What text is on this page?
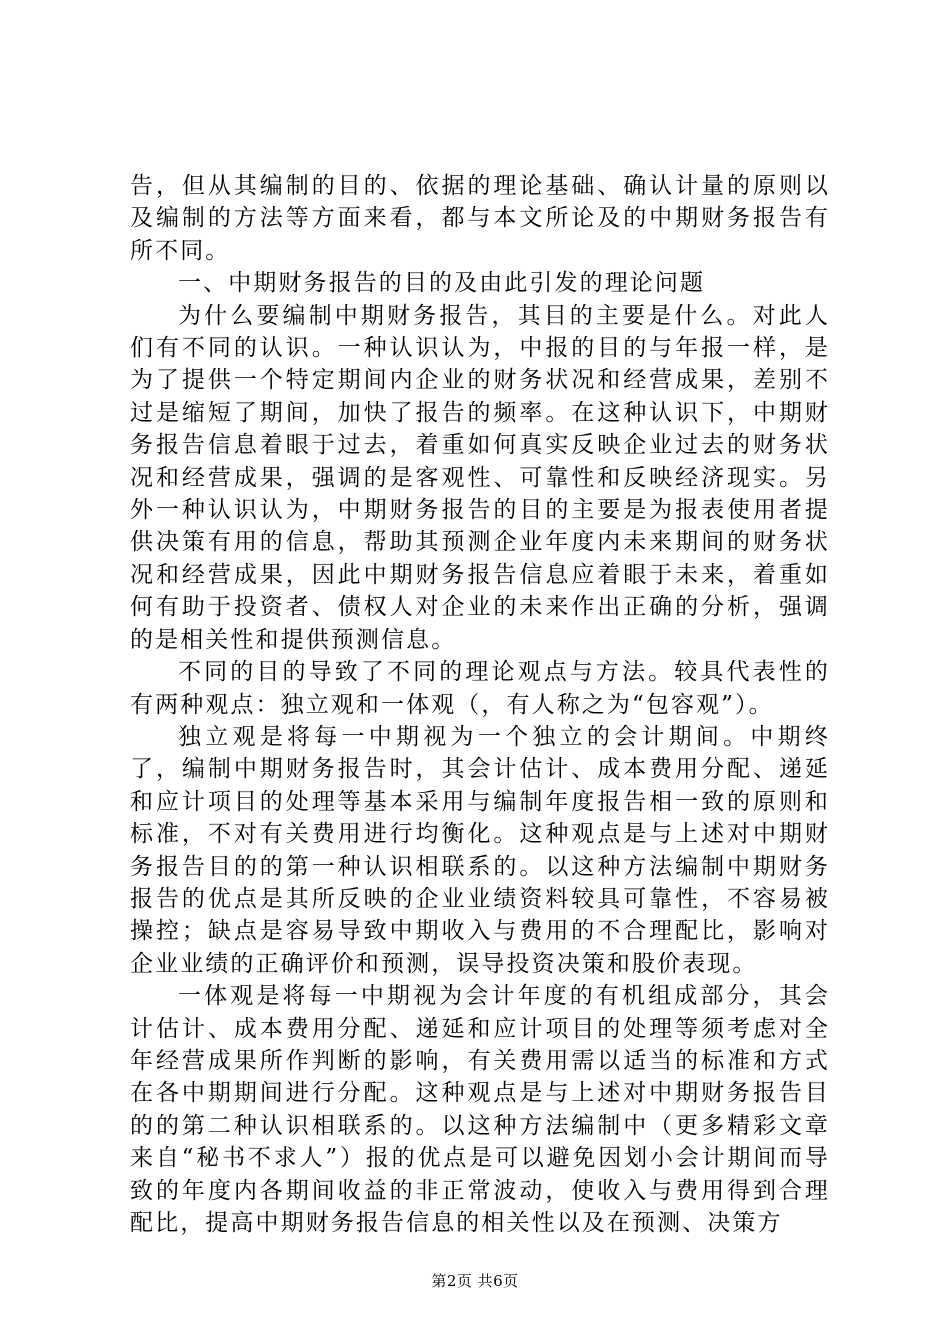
告，但从其编制的目的、依据的理论基础、确认计量的原则以及编制的方法等方面来看，都与本文所论及的中期财务报告有所不同。

一、中期财务报告的目的及由此引发的理论问题

为什么要编制中期财务报告，其目的主要是什么。对此人们有不同的认识。一种认识认为，中报的目的与年报一样，是为了提供一个特定期间内企业的财务状况和经营成果，差别不过是缩短了期间，加快了报告的频率。在这种认识下，中期财务报告信息着眼于过去，着重如何真实反映企业过去的财务状况和经营成果，强调的是客观性、可靠性和反映经济现实。另外一种认识认为，中期财务报告的目的主要是为报表使用者提供决策有用的信息，帮助其预测企业年度内未来期间的财务状况和经营成果，因此中期财务报告信息应着眼于未来，着重如何有助于投资者、债权人对企业的未来作出正确的分析，强调的是相关性和提供预测信息。

不同的目的导致了不同的理论观点与方法。较具代表性的有两种观点：独立观和一体观（，有人称之为“包容观”）。

独立观是将每一中期视为一个独立的会计期间。中期终了，编制中期财务报告时，其会计估计、成本费用分配、递延和应计项目的处理等基本采用与编制年度报告相一致的原则和标准，不对有关费用进行均衡化。这种观点是与上述对中期财务报告目的的第一种认识相联系的。以这种方法编制中期财务报告的优点是其所反映的企业业绩资料较具可靠性，不容易被操控；缺点是容易导致中期收入与费用的不合理配比，影响对企业业绩的正确评价和预测，误导投资决策和股价表现。

一体观是将每一中期视为会计年度的有机组成部分，其会计估计、成本费用分配、递延和应计项目的处理等须考虑对全年经营成果所作判断的影响，有关费用需以适当的标准和方式在各中期期间进行分配。这种观点是与上述对中期财务报告目的的第二种认识相联系的。以这种方法编制中（更多精彩文章来自“秘书不求人”）报的优点是可以避免因划小会计期间而导致的年度内各期间收益的非正常波动，使收入与费用得到合理配比，提高中期财务报告信息的相关性以及在预测、决策方

第2页 共6页
